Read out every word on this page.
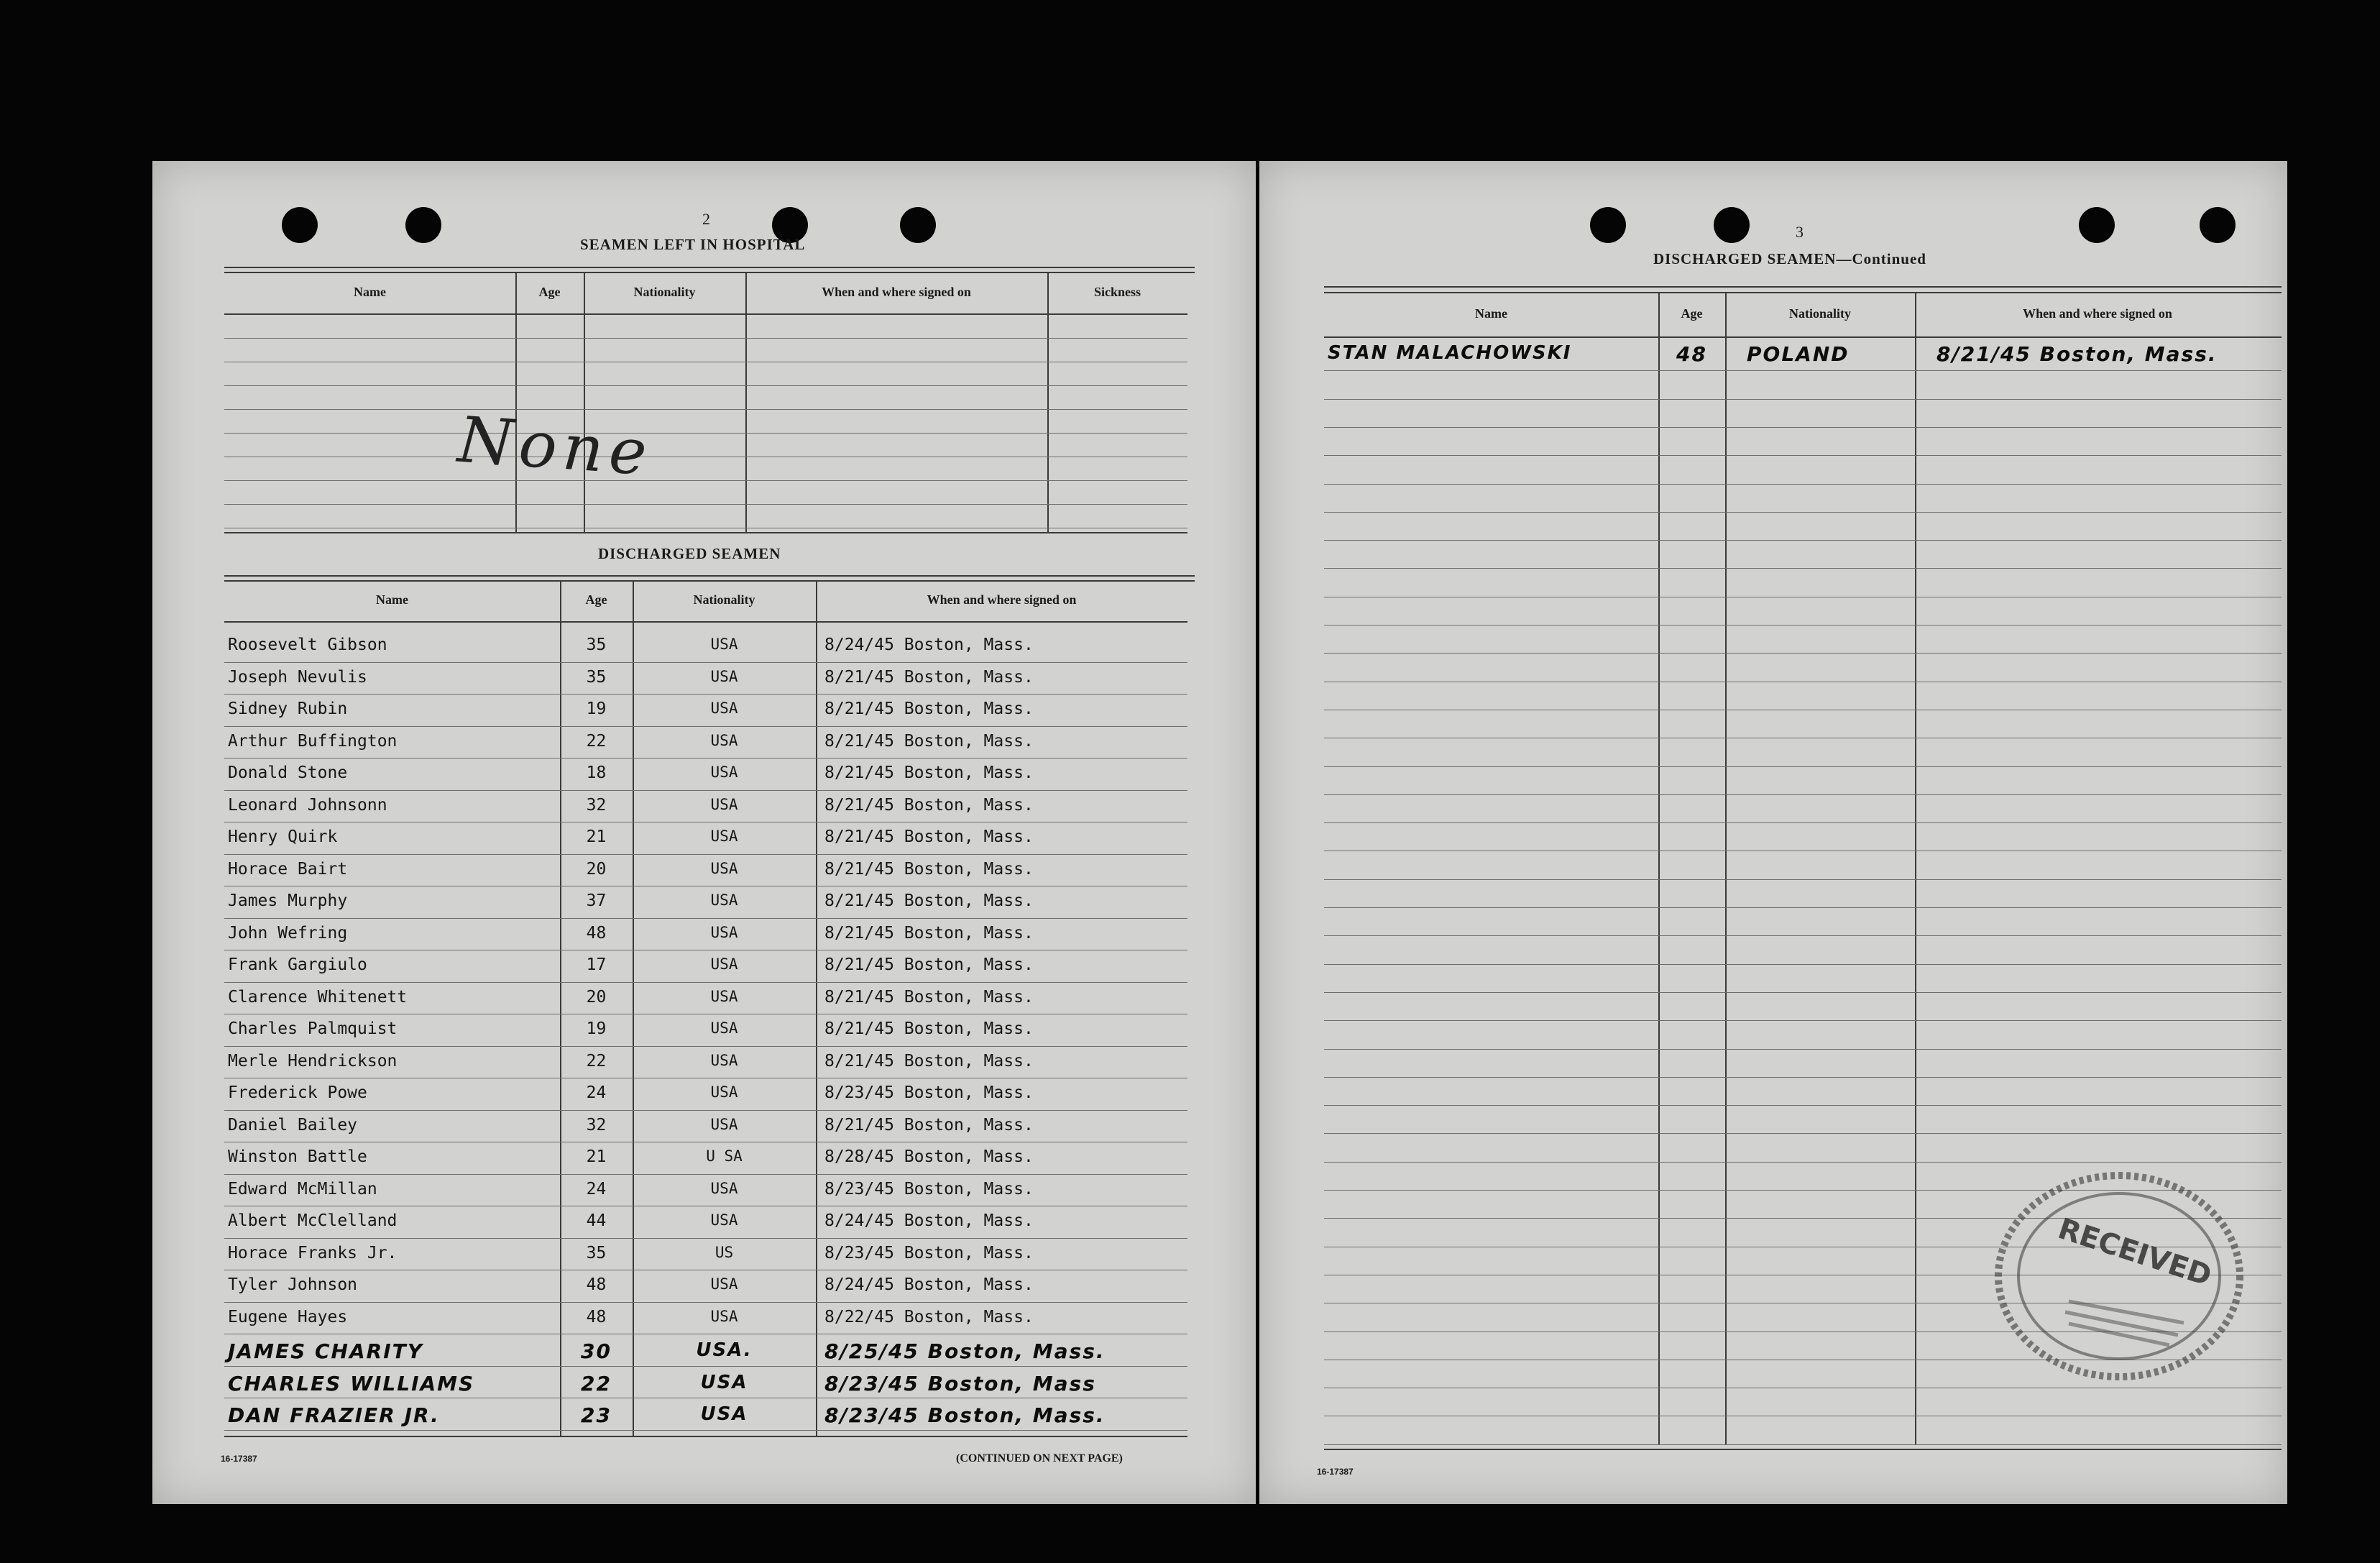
2
SEAMEN LEFT IN HOSPITAL
Name	Age	Nationality	When and where signed on	Sickness
None
DISCHARGED SEAMEN
Name	Age	Nationality	When and where signed on
Roosevelt Gibson	35	USA	8/24/45 Boston, Mass.
Joseph Nevulis	35	USA	8/21/45 Boston, Mass.
Sidney Rubin	19	USA	8/21/45 Boston, Mass.
Arthur Buffington	22	USA	8/21/45 Boston, Mass.
Donald Stone	18	USA	8/21/45 Boston, Mass.
Leonard Johnsonn	32	USA	8/21/45 Boston, Mass.
Henry Quirk	21	USA	8/21/45 Boston, Mass.
Horace Bairt	20	USA	8/21/45 Boston, Mass.
James Murphy	37	USA	8/21/45 Boston, Mass.
John Wefring	48	USA	8/21/45 Boston, Mass.
Frank Gargiulo	17	USA	8/21/45 Boston, Mass.
Clarence Whitenett	20	USA	8/21/45 Boston, Mass.
Charles Palmquist	19	USA	8/21/45 Boston, Mass.
Merle Hendrickson	22	USA	8/21/45 Boston, Mass.
Frederick Powe	24	USA	8/23/45 Boston, Mass.
Daniel Bailey	32	USA	8/21/45 Boston, Mass.
Winston Battle	21	U SA	8/28/45 Boston, Mass.
Edward McMillan	24	USA	8/23/45 Boston, Mass.
Albert McClelland	44	USA	8/24/45 Boston, Mass.
Horace Franks Jr.	35	US	8/23/45 Boston, Mass.
Tyler Johnson	48	USA	8/24/45 Boston, Mass.
Eugene Hayes	48	USA	8/22/45 Boston, Mass.
JAMES CHARITY	30	USA.	8/25/45 Boston, Mass.
CHARLES WILLIAMS	22	USA	8/23/45 Boston, Mass
DAN FRAZIER JR.	23	USA	8/23/45 Boston, Mass.
16-17387	(CONTINUED ON NEXT PAGE)
3
DISCHARGED SEAMEN—Continued
Name	Age	Nationality	When and where signed on
STAN MALACHOWSKI	48	POLAND	8/21/45 Boston, Mass.
16-17387
RECEIVED
